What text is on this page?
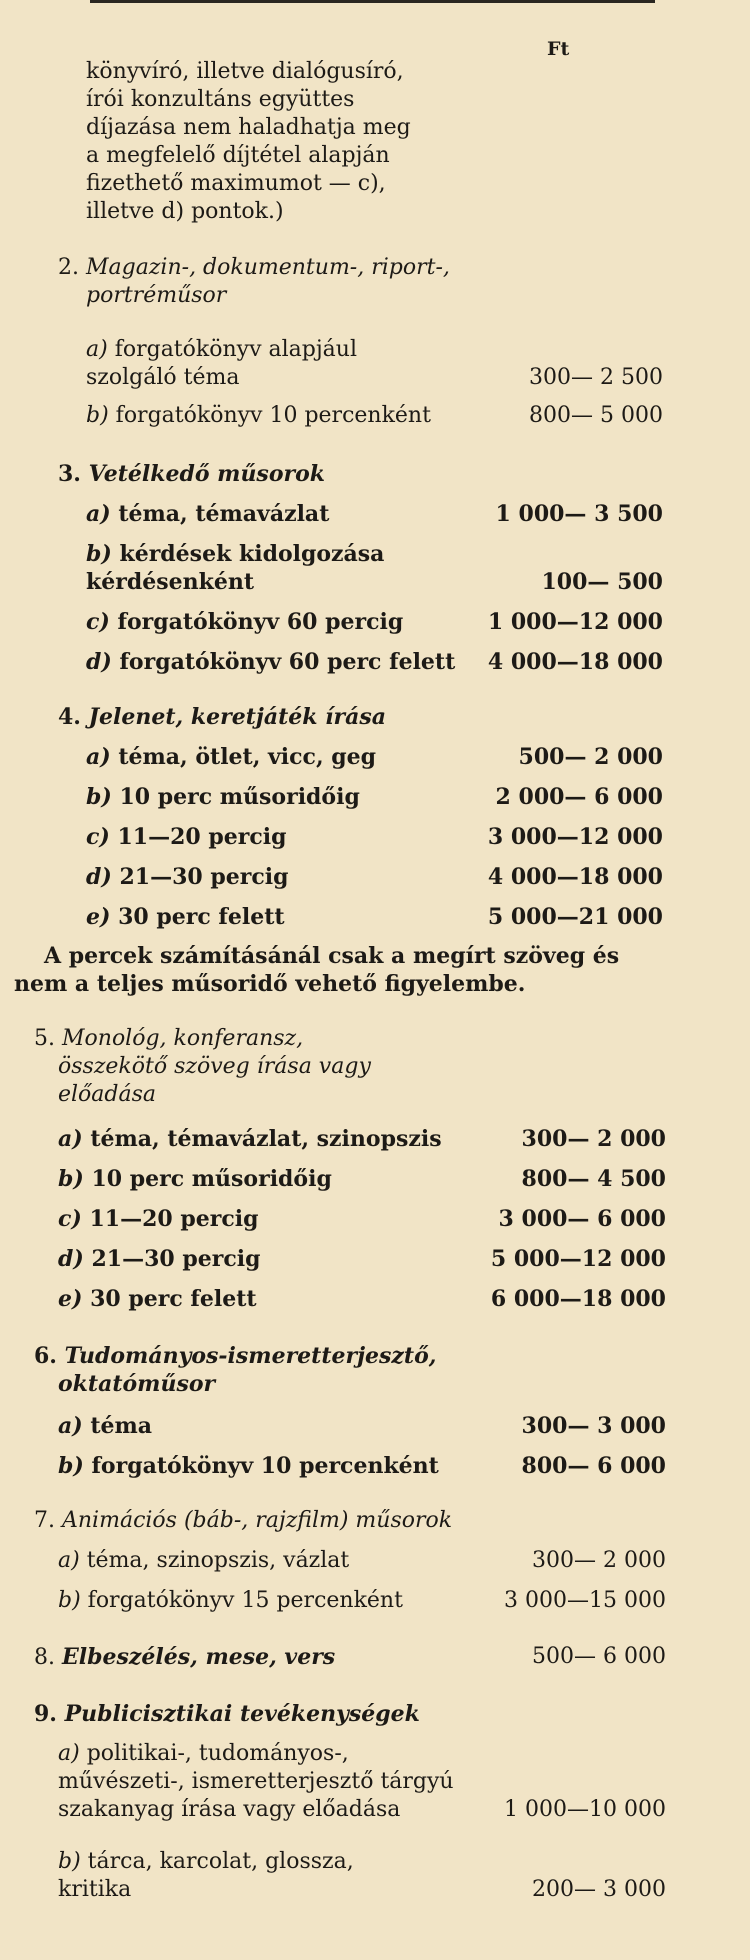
Ft
könyvíró, illetve dialógusíró,
írói konzultáns együttes
díjazása nem haladhatja meg
a megfelelő díjtétel alapján
fizethető maximumot — c),
illetve d) pontok.)
2. Magazin-, dokumentum-, riport-,
portréműsor
a) forgatókönyv alapjául
szolgáló téma	300— 2 500
b) forgatókönyv 10 percenként	800— 5 000
3. Vetélkedő műsorok
a) téma, témavázlat	1 000— 3 500
b) kérdések kidolgozása
kérdésenként	100— 500
c) forgatókönyv 60 percig	1 000—12 000
d) forgatókönyv 60 perc felett 4 000—18 000
4. Jelenet, keretjáték írása
a) téma, ötlet, vicc, geg	500— 2 000
b) 10 perc műsoridőig	2 000— 6 000
c) 11—20 percig	3 000—12 000
d) 21—30 percig	4 000—18 000
e) 30 perc felett	5 000—21 000
A percek számításánál csak a megírt szöveg és
nem a teljes műsoridő vehető figyelembe.
5. Monológ, konferansz,
összekötő szöveg írása vagy
előadása
a) téma, témavázlat, szinopszis	300— 2 000
b) 10 perc műsoridőig	800— 4 500
c) 11—20 percig	3 000— 6 000
d) 21—30 percig	5 000—12 000
e) 30 perc felett	6 000—18 000
6. Tudományos-ismeretterjesztő,
oktatóműsor
a) téma	300— 3 000
b) forgatókönyv 10 percenként	800— 6 000
7. Animációs (báb-, rajzfilm) műsorok
a) téma, szinopszis, vázlat	300— 2 000
b) forgatókönyv 15 percenként	3 000—15 000
8. Elbeszélés, mese, vers	500— 6 000
9. Publicisztikai tevékenységek
a) politikai-, tudományos-,
művészeti-, ismeretterjesztő tárgyú
szakanyag írása vagy előadása	1 000—10 000
b) tárca, karcolat, glossza,
kritika	200— 3 000
